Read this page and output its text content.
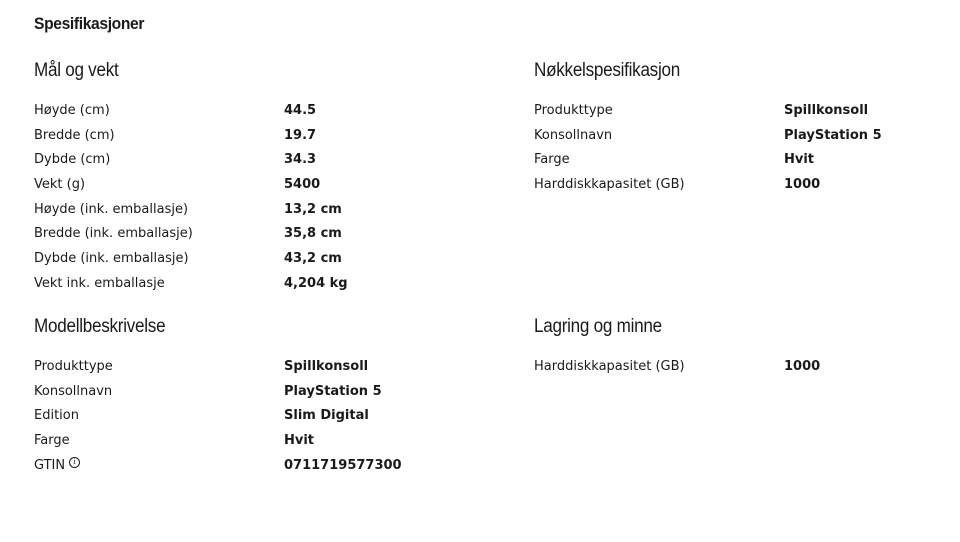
Spesifikasjoner
Mål og vekt
Høyde (cm)	44.5
Bredde (cm)	19.7
Dybde (cm)	34.3
Vekt (g)	5400
Høyde (ink. emballasje)	13,2 cm
Bredde (ink. emballasje)	35,8 cm
Dybde (ink. emballasje)	43,2 cm
Vekt ink. emballasje	4,204 kg
Nøkkelspesifikasjon
Produkttype	Spillkonsoll
Konsollnavn	PlayStation 5
Farge	Hvit
Harddiskkapasitet (GB)	1000
Modellbeskrivelse
Produkttype	Spillkonsoll
Konsollnavn	PlayStation 5
Edition	Slim Digital
Farge	Hvit
GTIN	i	0711719577300
Lagring og minne
Harddiskkapasitet (GB)	1000
